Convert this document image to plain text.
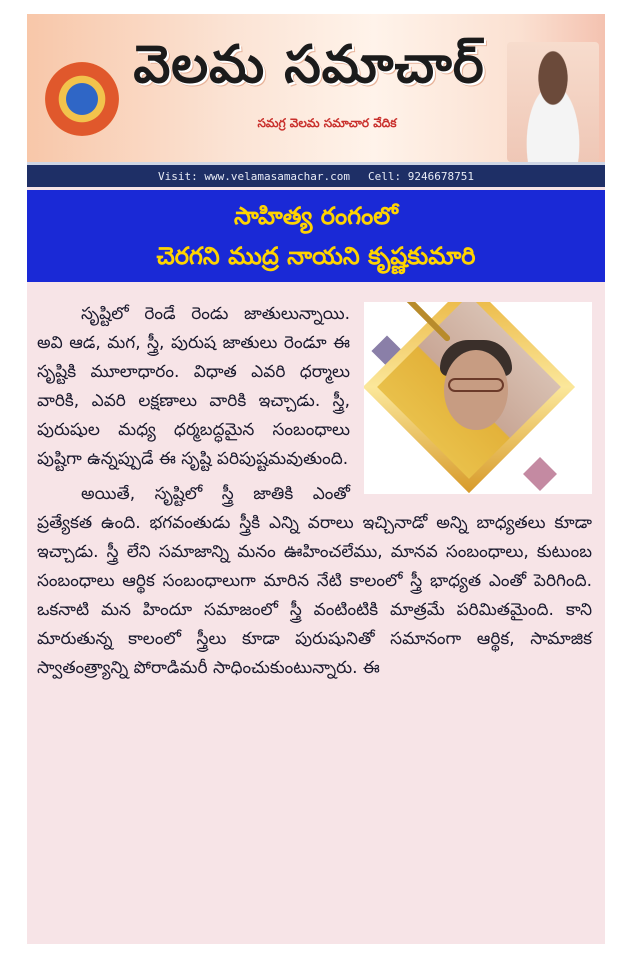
వెలమ సమాచార్
సమగ్ర వెలమ సమాచార వేదిక
Visit: www.velamasamachar.com Cell: 9246678751
సాహిత్య రంగంలో
చెరగని ముద్ర నాయని కృష్ణకుమారి

సృష్టిలో రెండే రెండు జాతులున్నాయి. అవి ఆడ, మగ, స్త్రీ, పురుష జాతులు రెండూ ఈ సృష్టికి మూలాధారం. విధాత ఎవరి ధర్మాలు వారికి, ఎవరి లక్షణాలు వారికి ఇచ్చాడు. స్త్రీ, పురుషుల మధ్య ధర్మబద్ధమైన సంబంధాలు పుష్టిగా ఉన్నప్పుడే ఈ సృష్టి పరిపుష్టమవుతుంది.

అయితే, సృష్టిలో స్త్రీ జాతికి ఎంతో ప్రత్యేకత ఉంది. భగవంతుడు స్త్రీకి ఎన్ని వరాలు ఇచ్చినాడో అన్ని బాధ్యతలు కూడా ఇచ్చాడు. స్త్రీ లేని సమాజాన్ని మనం ఊహించలేము, మానవ సంబంధాలు, కుటుంబ సంబంధాలు ఆర్థిక సంబంధాలుగా మారిన నేటి కాలంలో స్త్రీ భాధ్యత ఎంతో పెరిగింది. ఒకనాటి మన హిందూ సమాజంలో స్త్రీ వంటింటికి మాత్రమే పరిమితమైంది. కాని మారుతున్న కాలంలో స్త్రీలు కూడా పురుషునితో సమానంగా ఆర్థిక, సామాజిక స్వాతంత్ర్యాన్ని పోరాడిమరీ సాధించుకుంటున్నారు. ఈ
